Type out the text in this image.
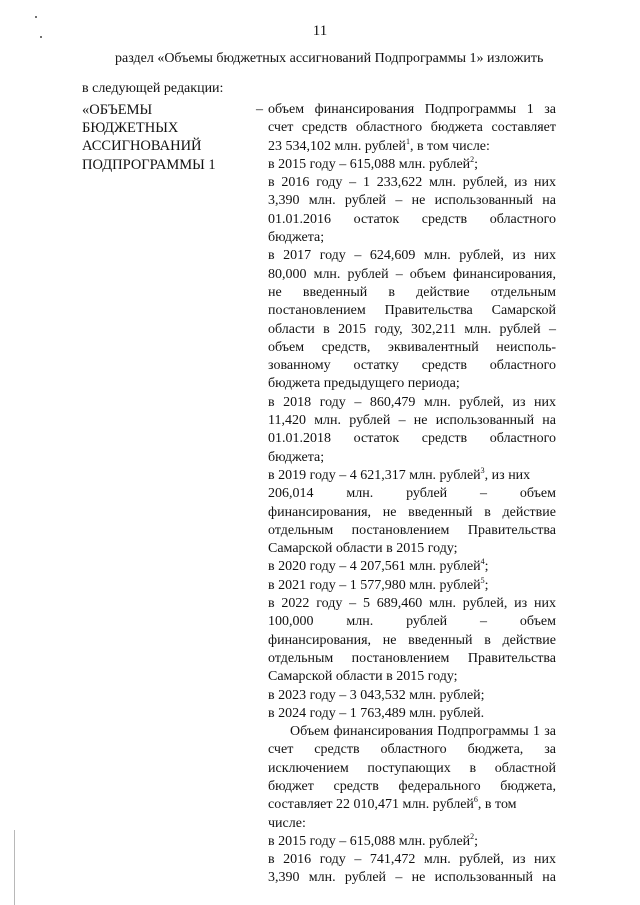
11
раздел «Объемы бюджетных ассигнований Подпрограммы 1» изложить
в следующей редакции:
«ОБЪЕМЫ
БЮДЖЕТНЫХ
АССИГНОВАНИЙ
ПОДПРОГРАММЫ 1
– объем финансирования Подпрограммы 1 за
счет средств областного бюджета составляет
23 534,102 млн. рублей$^1$, в том числе:
в 2015 году – 615,088 млн. рублей$^2$;
в 2016 году – 1 233,622 млн. рублей, из них
3,390 млн. рублей – не использованный на
01.01.2016 остаток средств областного
бюджета;
в 2017 году – 624,609 млн. рублей, из них
80,000 млн. рублей – объем финансирования,
не введенный в действие отдельным
постановлением Правительства Самарской
области в 2015 году, 302,211 млн. рублей –
объем средств, эквивалентный неисполь-
зованному остатку средств областного
бюджета предыдущего периода;
в 2018 году – 860,479 млн. рублей, из них
11,420 млн. рублей – не использованный на
01.01.2018 остаток средств областного
бюджета;
в 2019 году – 4 621,317 млн. рублей$^3$, из них
206,014 млн. рублей – объем
финансирования, не введенный в действие
отдельным постановлением Правительства
Самарской области в 2015 году;
в 2020 году – 4 207,561 млн. рублей$^4$;
в 2021 году – 1 577,980 млн. рублей$^5$;
в 2022 году – 5 689,460 млн. рублей, из них
100,000 млн. рублей – объем
финансирования, не введенный в действие
отдельным постановлением Правительства
Самарской области в 2015 году;
в 2023 году – 3 043,532 млн. рублей;
в 2024 году – 1 763,489 млн. рублей.
Объем финансирования Подпрограммы 1 за
счет средств областного бюджета, за
исключением поступающих в областной
бюджет средств федерального бюджета,
составляет 22 010,471 млн. рублей$^6$, в том
числе:
в 2015 году – 615,088 млн. рублей$^2$;
в 2016 году – 741,472 млн. рублей, из них
3,390 млн. рублей – не использованный на
